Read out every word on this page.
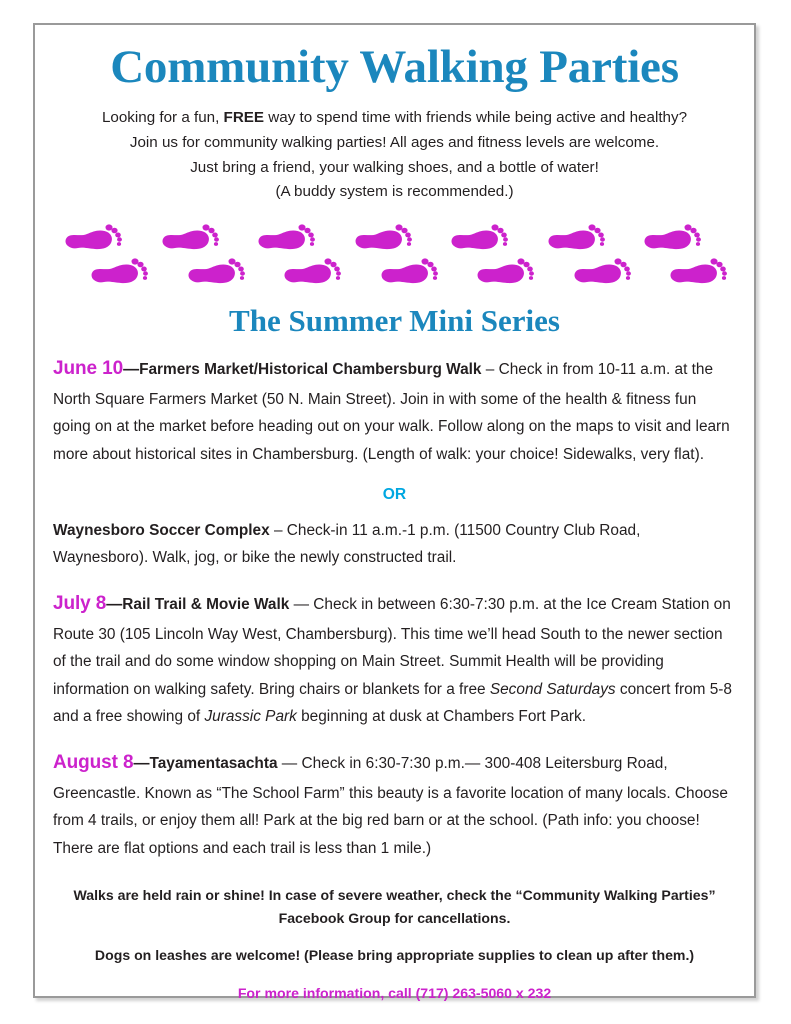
Community Walking Parties
Looking for a fun, FREE way to spend time with friends while being active and healthy?
Join us for community walking parties! All ages and fitness levels are welcome.
Just bring a friend, your walking shoes, and a bottle of water!
(A buddy system is recommended.)
The Summer Mini Series

June 10—Farmers Market/Historical Chambersburg Walk – Check in from 10-11 a.m. at the North Square Farmers Market (50 N. Main Street). Join in with some of the health & fitness fun going on at the market before heading out on your walk. Follow along on the maps to visit and learn more about historical sites in Chambersburg. (Length of walk: your choice! Sidewalks, very flat).

OR

Waynesboro Soccer Complex – Check-in 11 a.m.-1 p.m. (11500 Country Club Road, Waynesboro). Walk, jog, or bike the newly constructed trail.

July 8—Rail Trail & Movie Walk — Check in between 6:30-7:30 p.m. at the Ice Cream Station on Route 30 (105 Lincoln Way West, Chambersburg). This time we’ll head South to the newer section of the trail and do some window shopping on Main Street. Summit Health will be providing information on walking safety. Bring chairs or blankets for a free Second Saturdays concert from 5-8 and a free showing of Jurassic Park beginning at dusk at Chambers Fort Park.

August 8—Tayamentasachta — Check in 6:30-7:30 p.m.— 300-408 Leitersburg Road, Greencastle. Known as “The School Farm” this beauty is a favorite location of many locals. Choose from 4 trails, or enjoy them all! Park at the big red barn or at the school. (Path info: you choose! There are flat options and each trail is less than 1 mile.)

Walks are held rain or shine! In case of severe weather, check the “Community Walking Parties” Facebook Group for cancellations.
Dogs on leashes are welcome! (Please bring appropriate supplies to clean up after them.)
For more information, call (717) 263-5060 x 232
